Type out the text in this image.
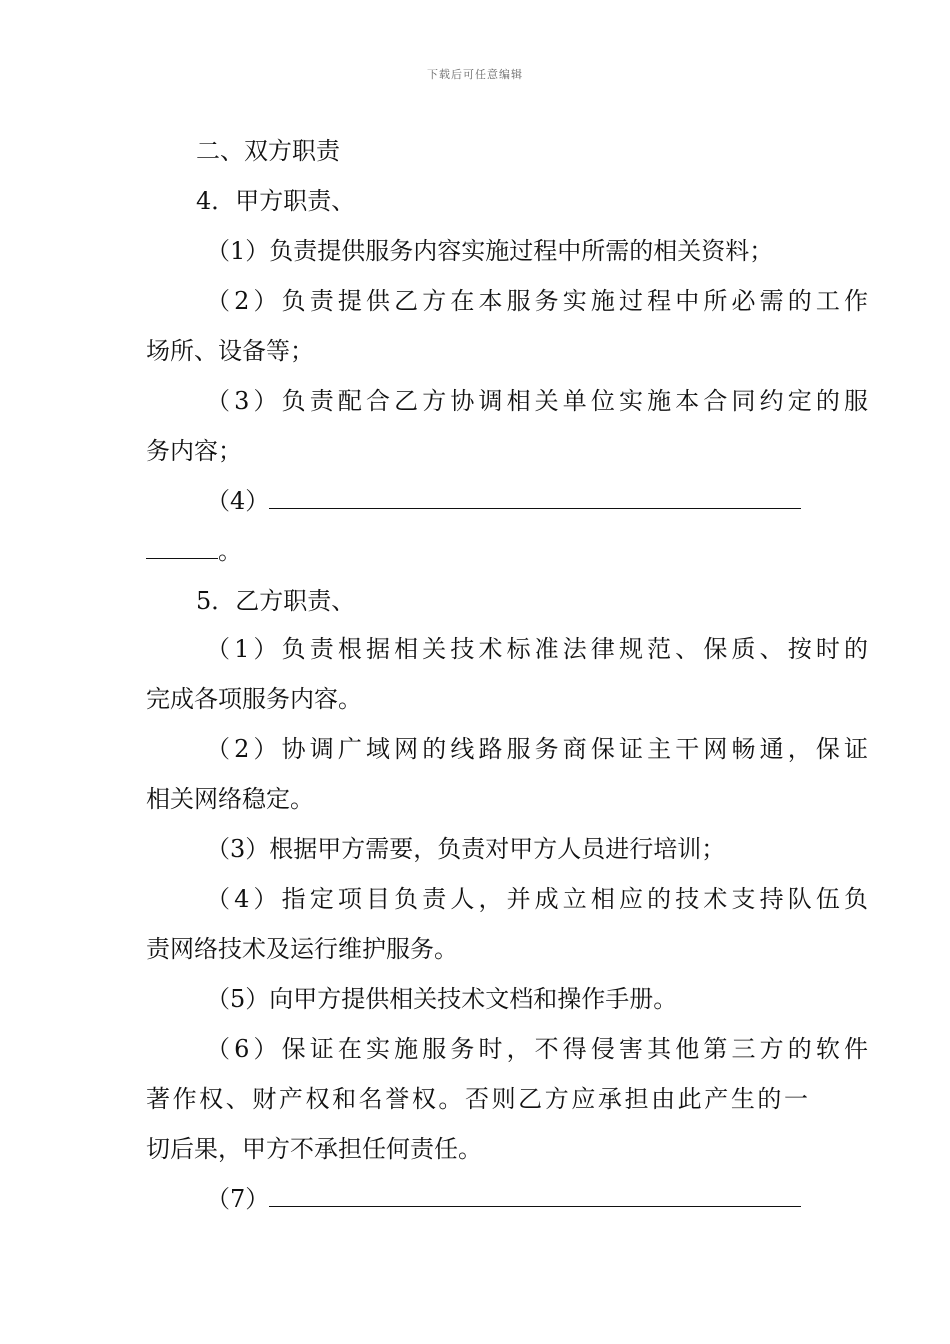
下载后可任意编辑
二、双方职责
4．甲方职责、
（1）负责提供服务内容实施过程中所需的相关资料；
（2）负责提供乙方在本服务实施过程中所必需的工作
场所、设备等；
（3）负责配合乙方协调相关单位实施本合同约定的服
务内容；
（4）
。
5．乙方职责、
（1）负责根据相关技术标准法律规范、保质、按时的
完成各项服务内容。
（2）协调广域网的线路服务商保证主干网畅通，保证
相关网络稳定。
（3）根据甲方需要，负责对甲方人员进行培训；
（4）指定项目负责人，并成立相应的技术支持队伍负
责网络技术及运行维护服务。
（5）向甲方提供相关技术文档和操作手册。
（6）保证在实施服务时，不得侵害其他第三方的软件
著作权、财产权和名誉权。否则乙方应承担由此产生的一
切后果，甲方不承担任何责任。
（7）
